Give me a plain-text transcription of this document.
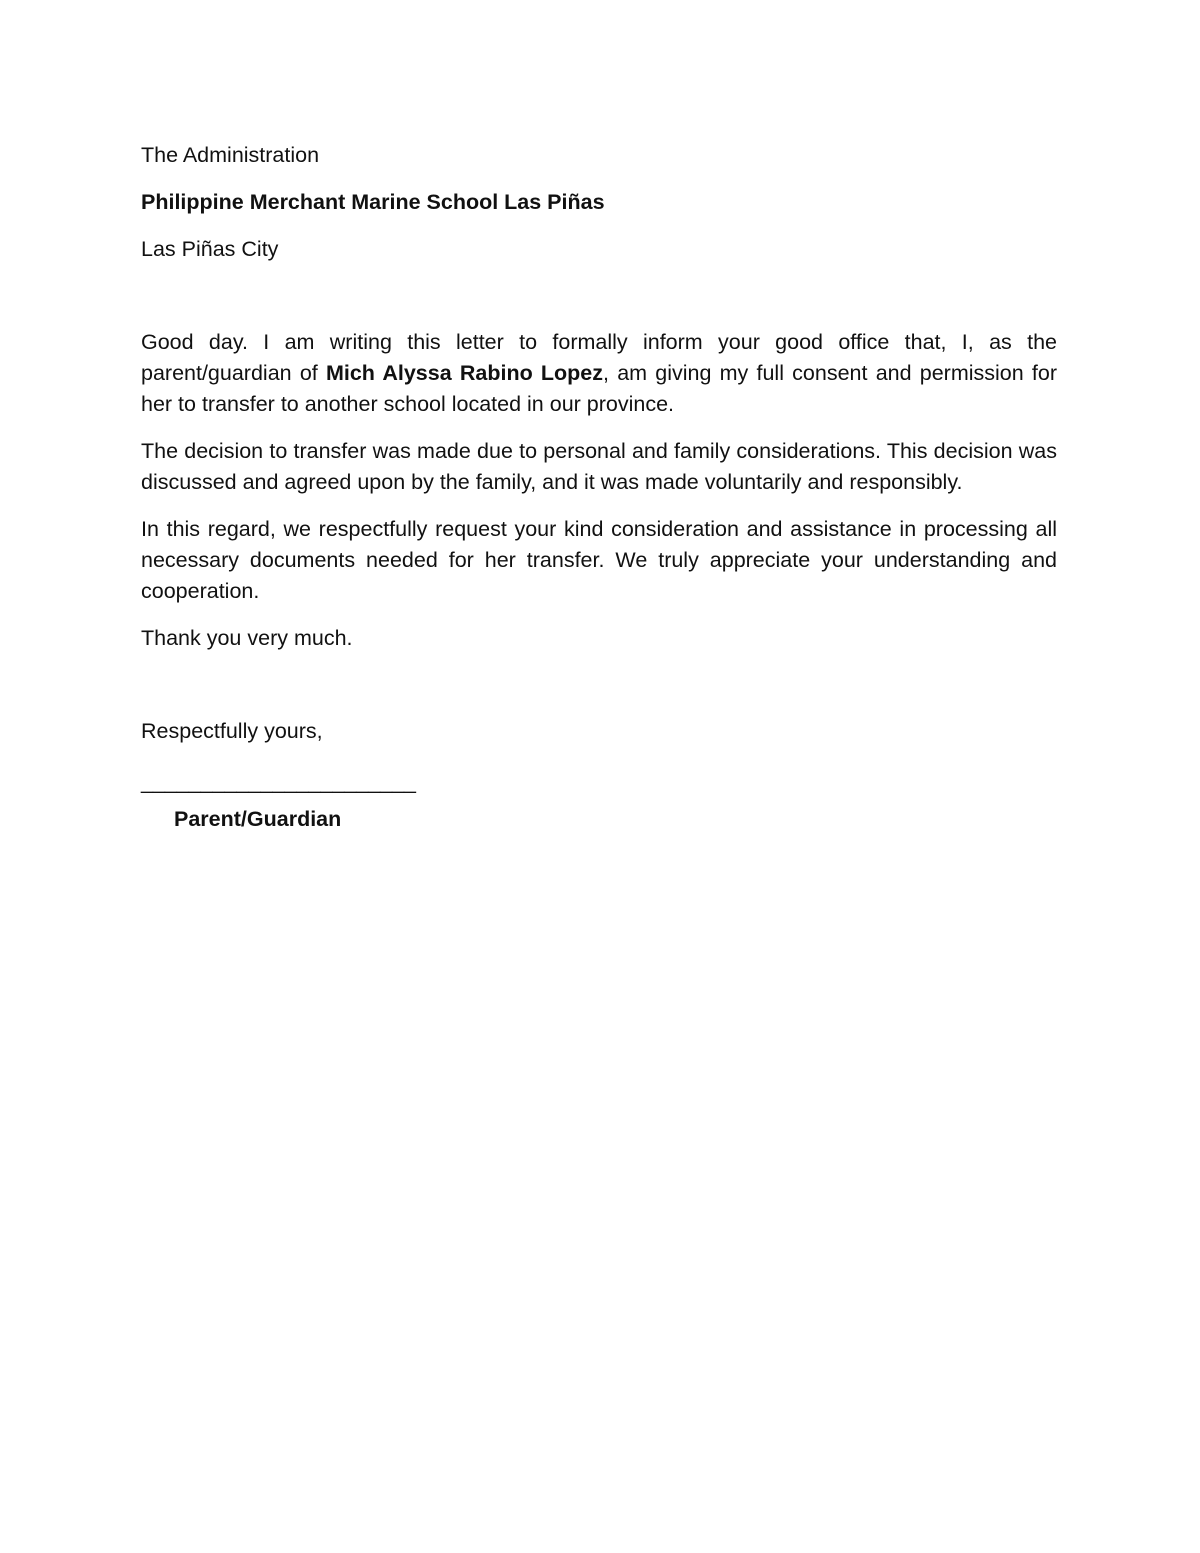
The Administration

Philippine Merchant Marine School Las Piñas

Las Piñas City

Good day. I am writing this letter to formally inform your good office that, I, as the parent/guardian of Mich Alyssa Rabino Lopez, am giving my full consent and permission for her to transfer to another school located in our province.

The decision to transfer was made due to personal and family considerations. This decision was discussed and agreed upon by the family, and it was made voluntarily and responsibly.

In this regard, we respectfully request your kind consideration and assistance in processing all necessary documents needed for her transfer. We truly appreciate your understanding and cooperation.

Thank you very much.

Respectfully yours,

_______________________

Parent/Guardian
